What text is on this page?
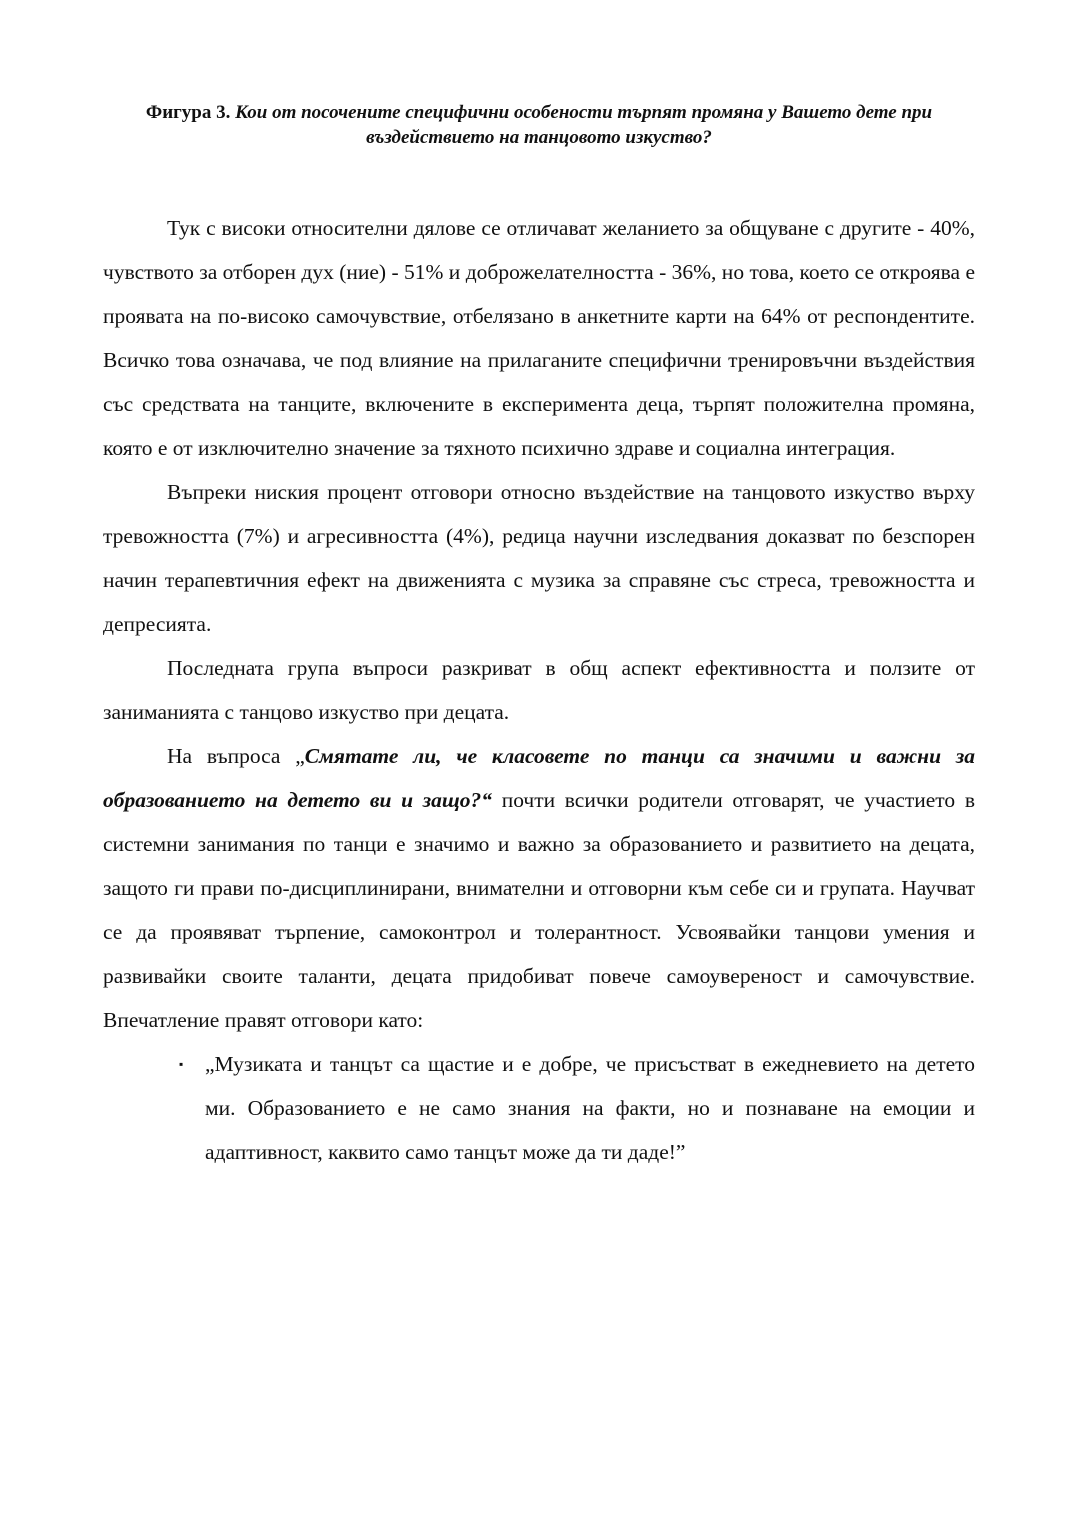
Фигура 3. Кои от посочените специфични особености търпят промяна у Вашето дете при въздействието на танцовото изкуство?

Тук с високи относителни дялове се отличават желанието за общуване с другите - 40%, чувството за отборен дух (ние) - 51% и доброжелателността - 36%, но това, което се откроява е проявата на по-високо самочувствие, отбелязано в анкетните карти на 64% от респондентите. Всичко това означава, че под влияние на прилаганите специфични тренировъчни въздействия със средствата на танците, включените в експеримента деца, търпят положителна промяна, която е от изключително значение за тяхното психично здраве и социална интеграция.

Въпреки ниския процент отговори относно въздействие на танцовото изкуство върху тревожността (7%) и агресивността (4%), редица научни изследвания доказват по безспорен начин терапевтичния ефект на движенията с музика за справяне със стреса, тревожността и депресията.

Последната група въпроси разкриват в общ аспект ефективността и ползите от заниманията с танцово изкуство при децата.

На въпроса „Смятате ли, че класовете по танци са значими и важни за образованието на детето ви и защо?“ почти всички родители отговарят, че участието в системни занимания по танци е значимо и важно за образованието и развитието на децата, защото ги прави по-дисциплинирани, внимателни и отговорни към себе си и групата. Научват се да проявяват търпение, самоконтрол и толерантност. Усвоявайки танцови умения и развивайки своите таланти, децата придобиват повече самоувереност и самочувствие. Впечатление правят отговори като:

▪ „Музиката и танцът са щастие и е добре, че присъстват в ежедневието на детето ми. Образованието е не само знания на факти, но и познаване на емоции и адаптивност, каквито само танцът може да ти даде!”
